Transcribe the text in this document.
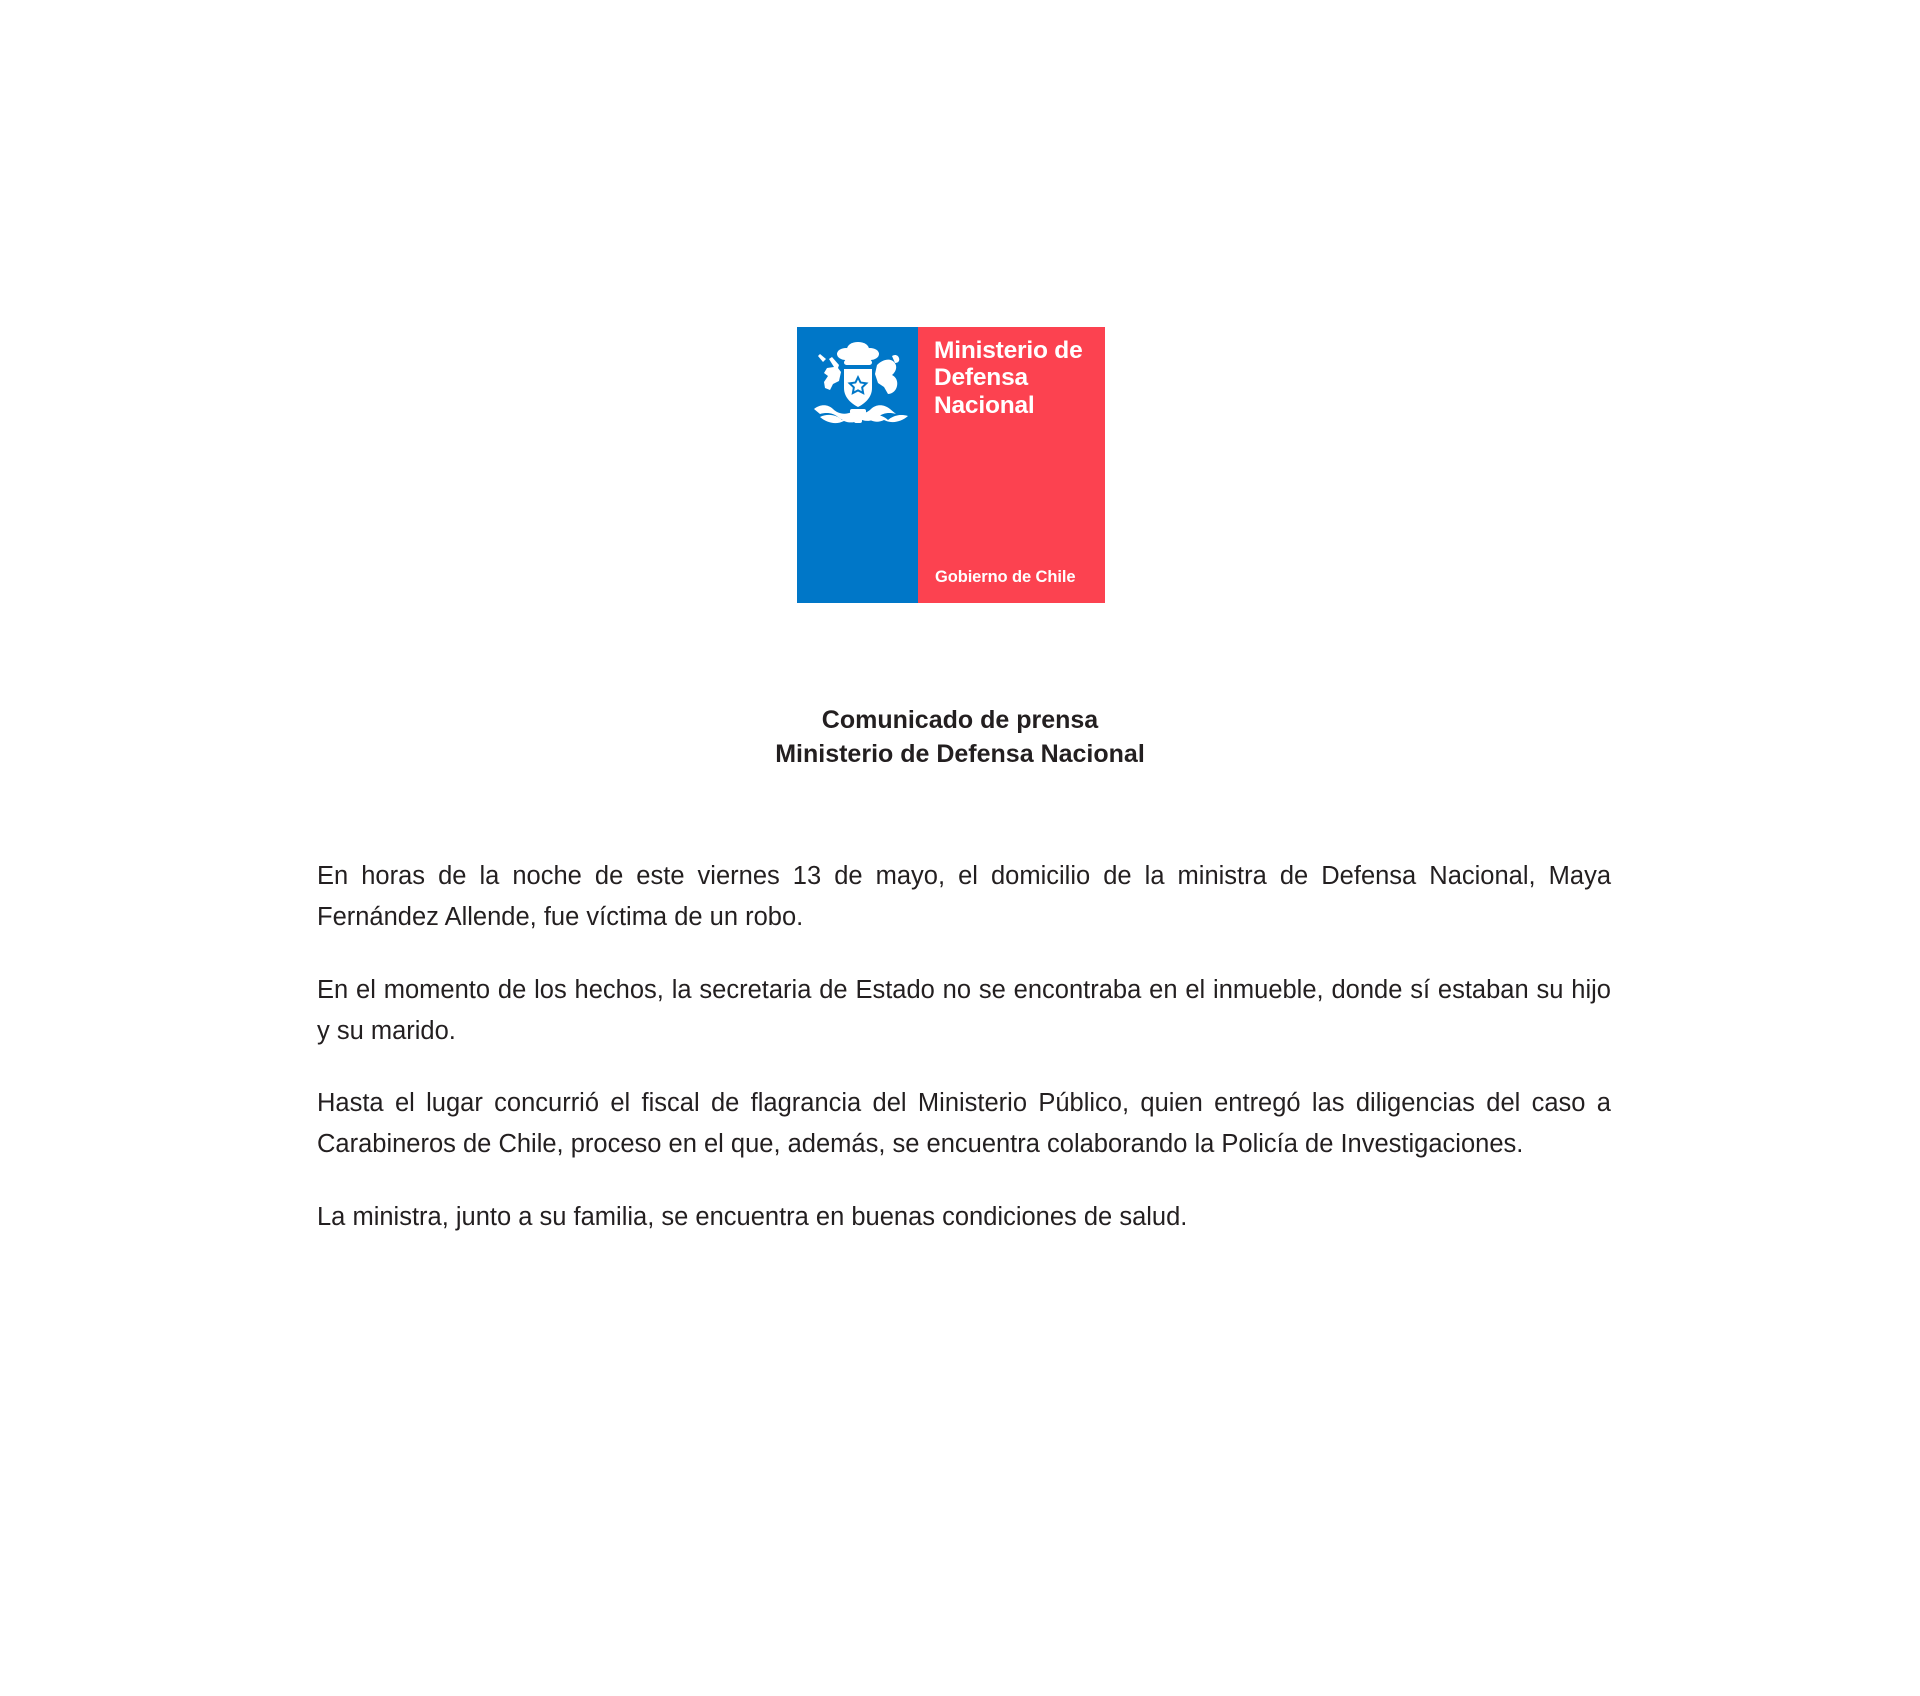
Ministerio de
Defensa
Nacional
Gobierno de Chile
Comunicado de prensa
Ministerio de Defensa Nacional

En horas de la noche de este viernes 13 de mayo, el domicilio de la ministra de Defensa Nacional, Maya Fernández Allende, fue víctima de un robo.

En el momento de los hechos, la secretaria de Estado no se encontraba en el inmueble, donde sí estaban su hijo y su marido.

Hasta el lugar concurrió el fiscal de flagrancia del Ministerio Público, quien entregó las diligencias del caso a Carabineros de Chile, proceso en el que, además, se encuentra colaborando la Policía de Investigaciones.

La ministra, junto a su familia, se encuentra en buenas condiciones de salud.
